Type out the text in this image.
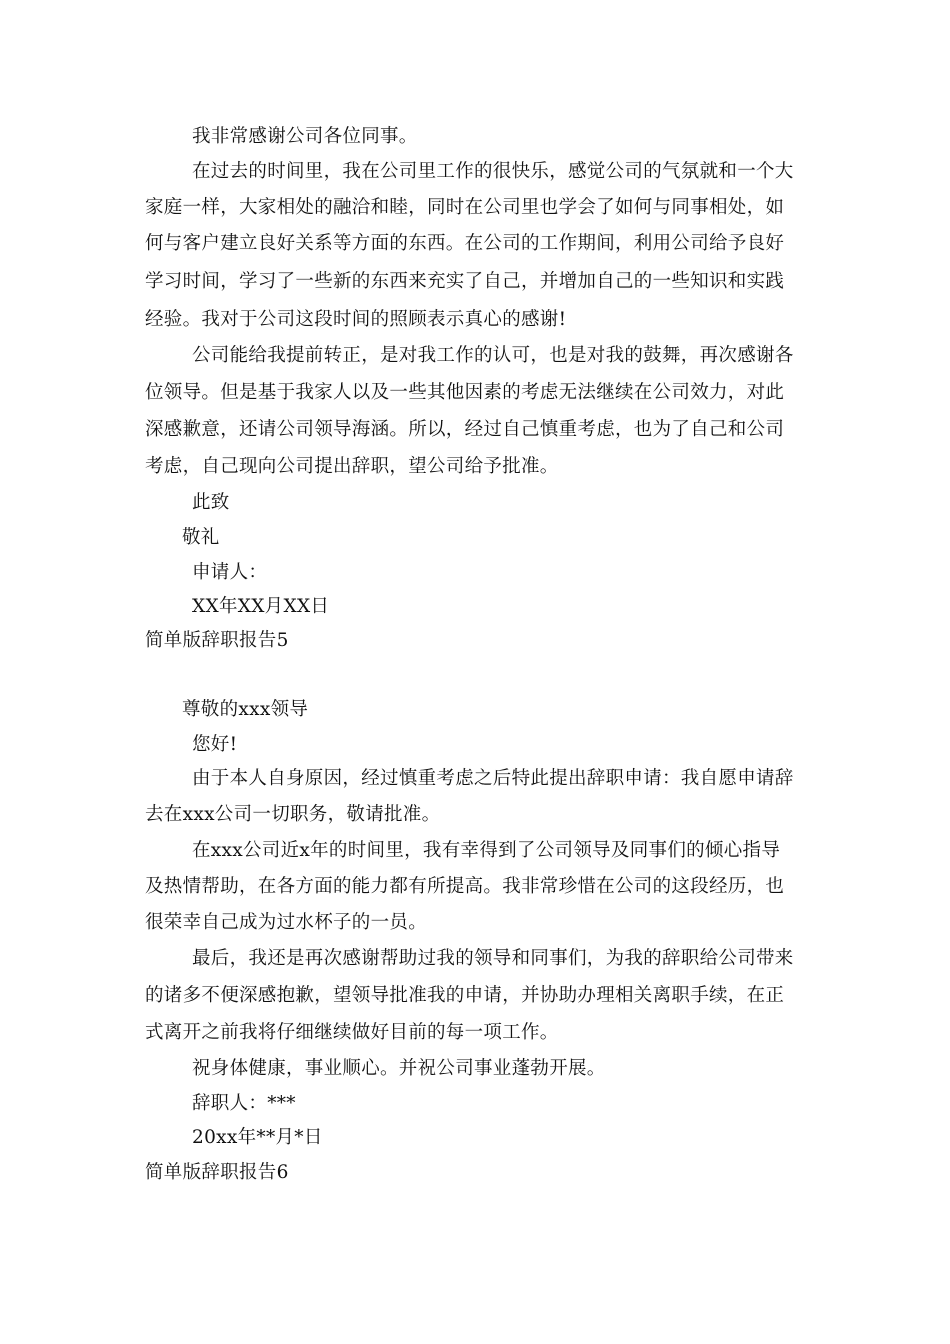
我非常感谢公司各位同事。

在过去的时间里，我在公司里工作的很快乐，感觉公司的气氛就和一个大

家庭一样，大家相处的融洽和睦，同时在公司里也学会了如何与同事相处，如

何与客户建立良好关系等方面的东西。在公司的工作期间，利用公司给予良好

学习时间，学习了一些新的东西来充实了自己，并增加自己的一些知识和实践

经验。我对于公司这段时间的照顾表示真心的感谢!

公司能给我提前转正，是对我工作的认可，也是对我的鼓舞，再次感谢各

位领导。但是基于我家人以及一些其他因素的考虑无法继续在公司效力，对此

深感歉意，还请公司领导海涵。所以，经过自己慎重考虑，也为了自己和公司

考虑，自己现向公司提出辞职，望公司给予批准。

此致

敬礼

申请人：

XX年XX月XX日

简单版辞职报告5

尊敬的xxx领导

您好!

由于本人自身原因，经过慎重考虑之后特此提出辞职申请：我自愿申请辞

去在xxx公司一切职务，敬请批准。

在xxx公司近x年的时间里，我有幸得到了公司领导及同事们的倾心指导

及热情帮助，在各方面的能力都有所提高。我非常珍惜在公司的这段经历，也

很荣幸自己成为过水杯子的一员。

最后，我还是再次感谢帮助过我的领导和同事们，为我的辞职给公司带来

的诸多不便深感抱歉，望领导批准我的申请，并协助办理相关离职手续，在正

式离开之前我将仔细继续做好目前的每一项工作。

祝身体健康，事业顺心。并祝公司事业蓬勃开展。

辞职人：***

20xx年**月*日

简单版辞职报告6
